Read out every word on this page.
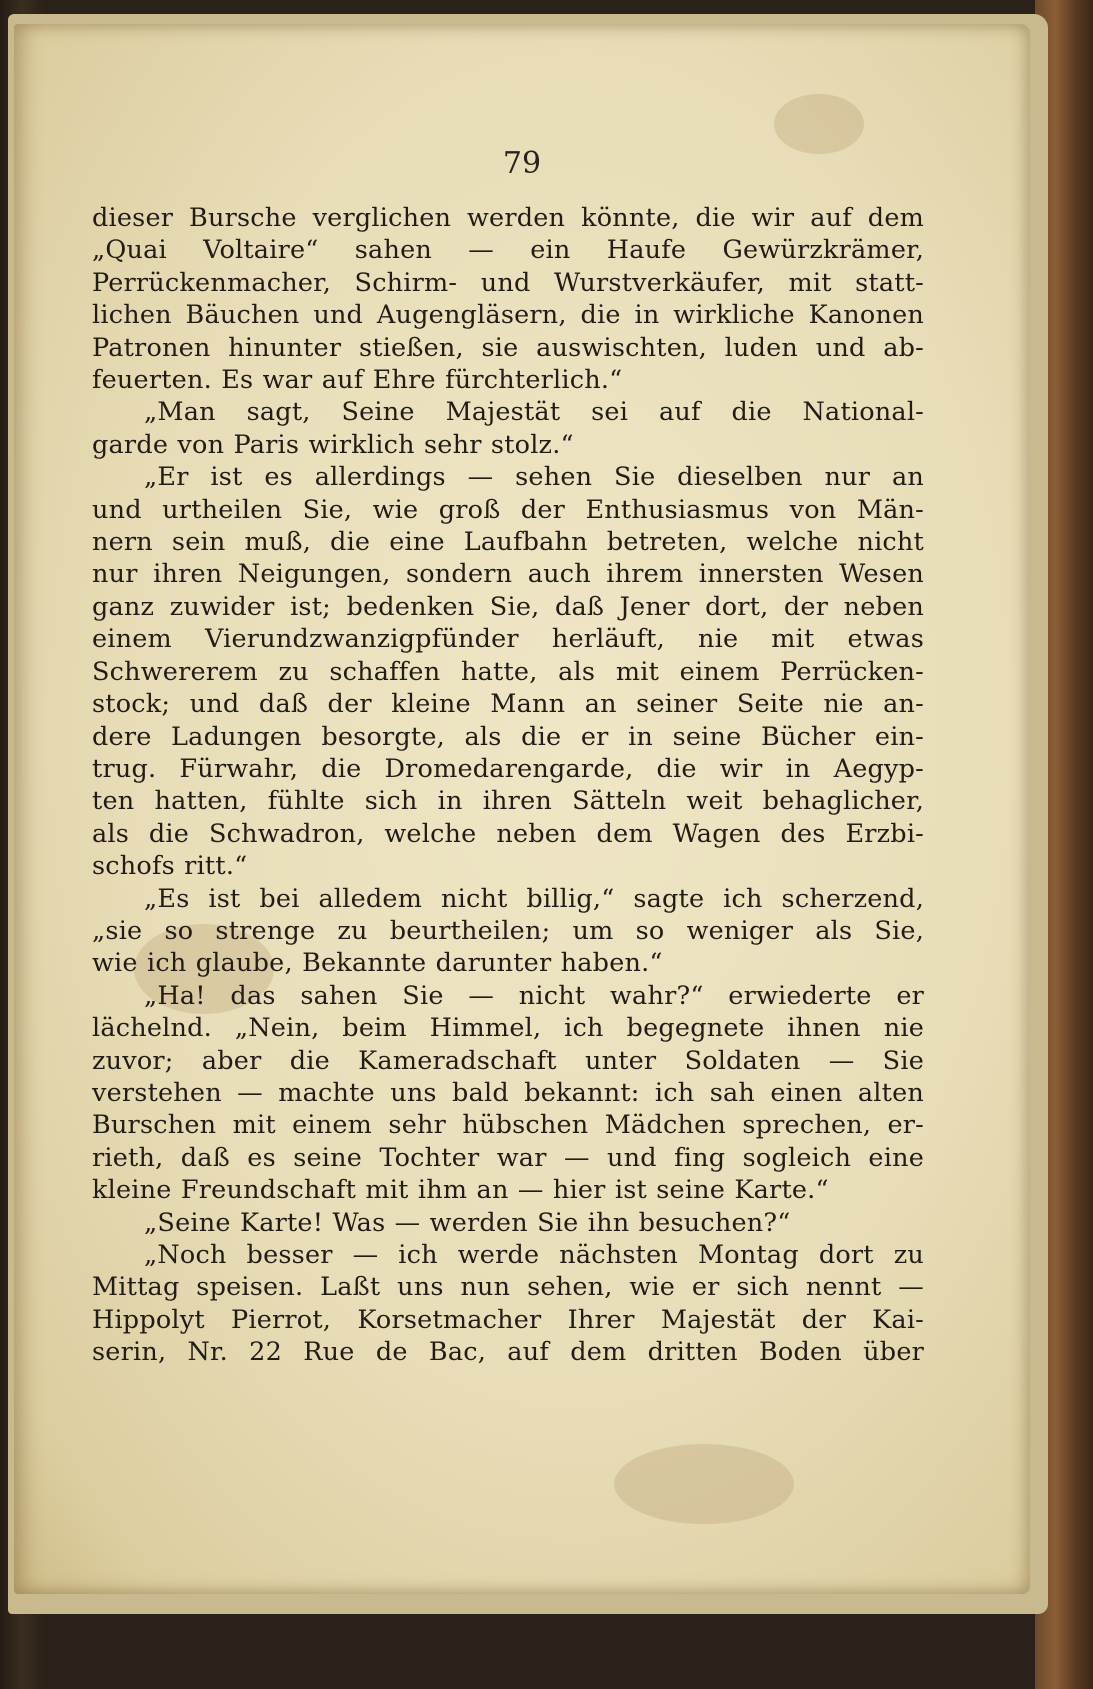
79

dieser Bursche verglichen werden könnte, die wir auf dem

„Quai Voltaire“ sahen — ein Haufe Gewürzkrämer,

Perrückenmacher, Schirm- und Wurstverkäufer, mit statt-

lichen Bäuchen und Augengläsern, die in wirkliche Kanonen

Patronen hinunter stießen, sie auswischten, luden und ab-

feuerten. Es war auf Ehre fürchterlich.“

„Man sagt, Seine Majestät sei auf die National-

garde von Paris wirklich sehr stolz.“

„Er ist es allerdings — sehen Sie dieselben nur an

und urtheilen Sie, wie groß der Enthusiasmus von Män-

nern sein muß, die eine Laufbahn betreten, welche nicht

nur ihren Neigungen, sondern auch ihrem innersten Wesen

ganz zuwider ist; bedenken Sie, daß Jener dort, der neben

einem Vierundzwanzigpfünder herläuft, nie mit etwas

Schwererem zu schaffen hatte, als mit einem Perrücken-

stock; und daß der kleine Mann an seiner Seite nie an-

dere Ladungen besorgte, als die er in seine Bücher ein-

trug. Fürwahr, die Dromedarengarde, die wir in Aegyp-

ten hatten, fühlte sich in ihren Sätteln weit behaglicher,

als die Schwadron, welche neben dem Wagen des Erzbi-

schofs ritt.“

„Es ist bei alledem nicht billig,“ sagte ich scherzend,

„sie so strenge zu beurtheilen; um so weniger als Sie,

wie ich glaube, Bekannte darunter haben.“

„Ha! das sahen Sie — nicht wahr?“ erwiederte er

lächelnd. „Nein, beim Himmel, ich begegnete ihnen nie

zuvor; aber die Kameradschaft unter Soldaten — Sie

verstehen — machte uns bald bekannt: ich sah einen alten

Burschen mit einem sehr hübschen Mädchen sprechen, er-

rieth, daß es seine Tochter war — und fing sogleich eine

kleine Freundschaft mit ihm an — hier ist seine Karte.“

„Seine Karte! Was — werden Sie ihn besuchen?“

„Noch besser — ich werde nächsten Montag dort zu

Mittag speisen. Laßt uns nun sehen, wie er sich nennt —

Hippolyt Pierrot, Korsetmacher Ihrer Majestät der Kai-

serin, Nr. 22 Rue de Bac, auf dem dritten Boden über
